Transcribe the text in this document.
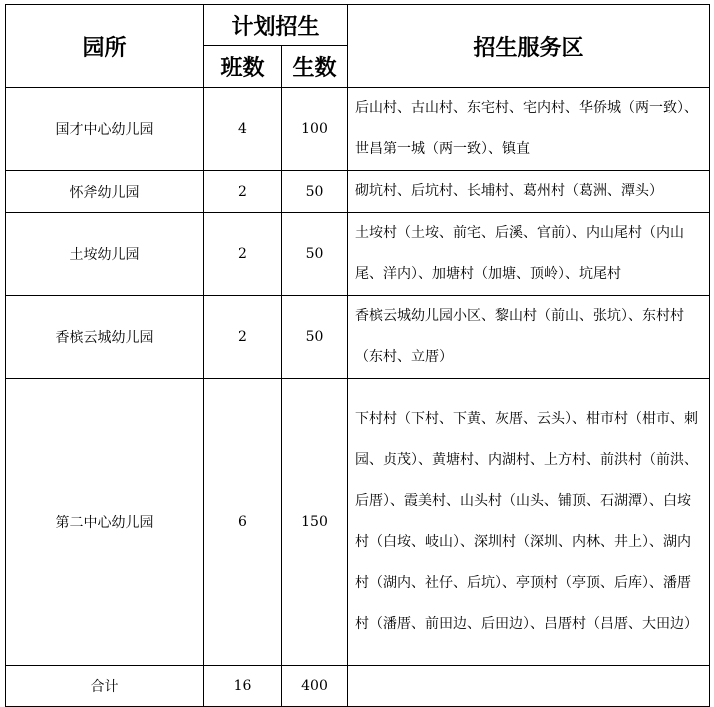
园所	计划招生		招生服务区
	班数	生数	
国才中心幼儿园	4	100	后山村、古山村、东宅村、宅内村、华侨城（两一致）、世昌第一城（两一致）、镇直
怀斧幼儿园	2	50	砌坑村、后坑村、长埔村、葛州村（葛洲、潭头）
土垵幼儿园	2	50	土垵村（土垵、前宅、后溪、官前）、内山尾村（内山尾、洋内）、加塘村（加塘、顶岭）、坑尾村
香槟云城幼儿园	2	50	香槟云城幼儿园小区、黎山村（前山、张坑）、东村村（东村、立厝）
第二中心幼儿园	6	150	下村村（下村、下黄、灰厝、云头）、柑市村（柑市、刺园、贞茂）、黄塘村、内湖村、上方村、前洪村（前洪、后厝）、霞美村、山头村（山头、铺顶、石湖潭）、白垵村（白垵、岐山）、深圳村（深圳、内林、井上）、湖内村（湖内、社仔、后坑）、亭顶村（亭顶、后库）、潘厝村（潘厝、前田边、后田边）、吕厝村（吕厝、大田边）
合计	16	400	
